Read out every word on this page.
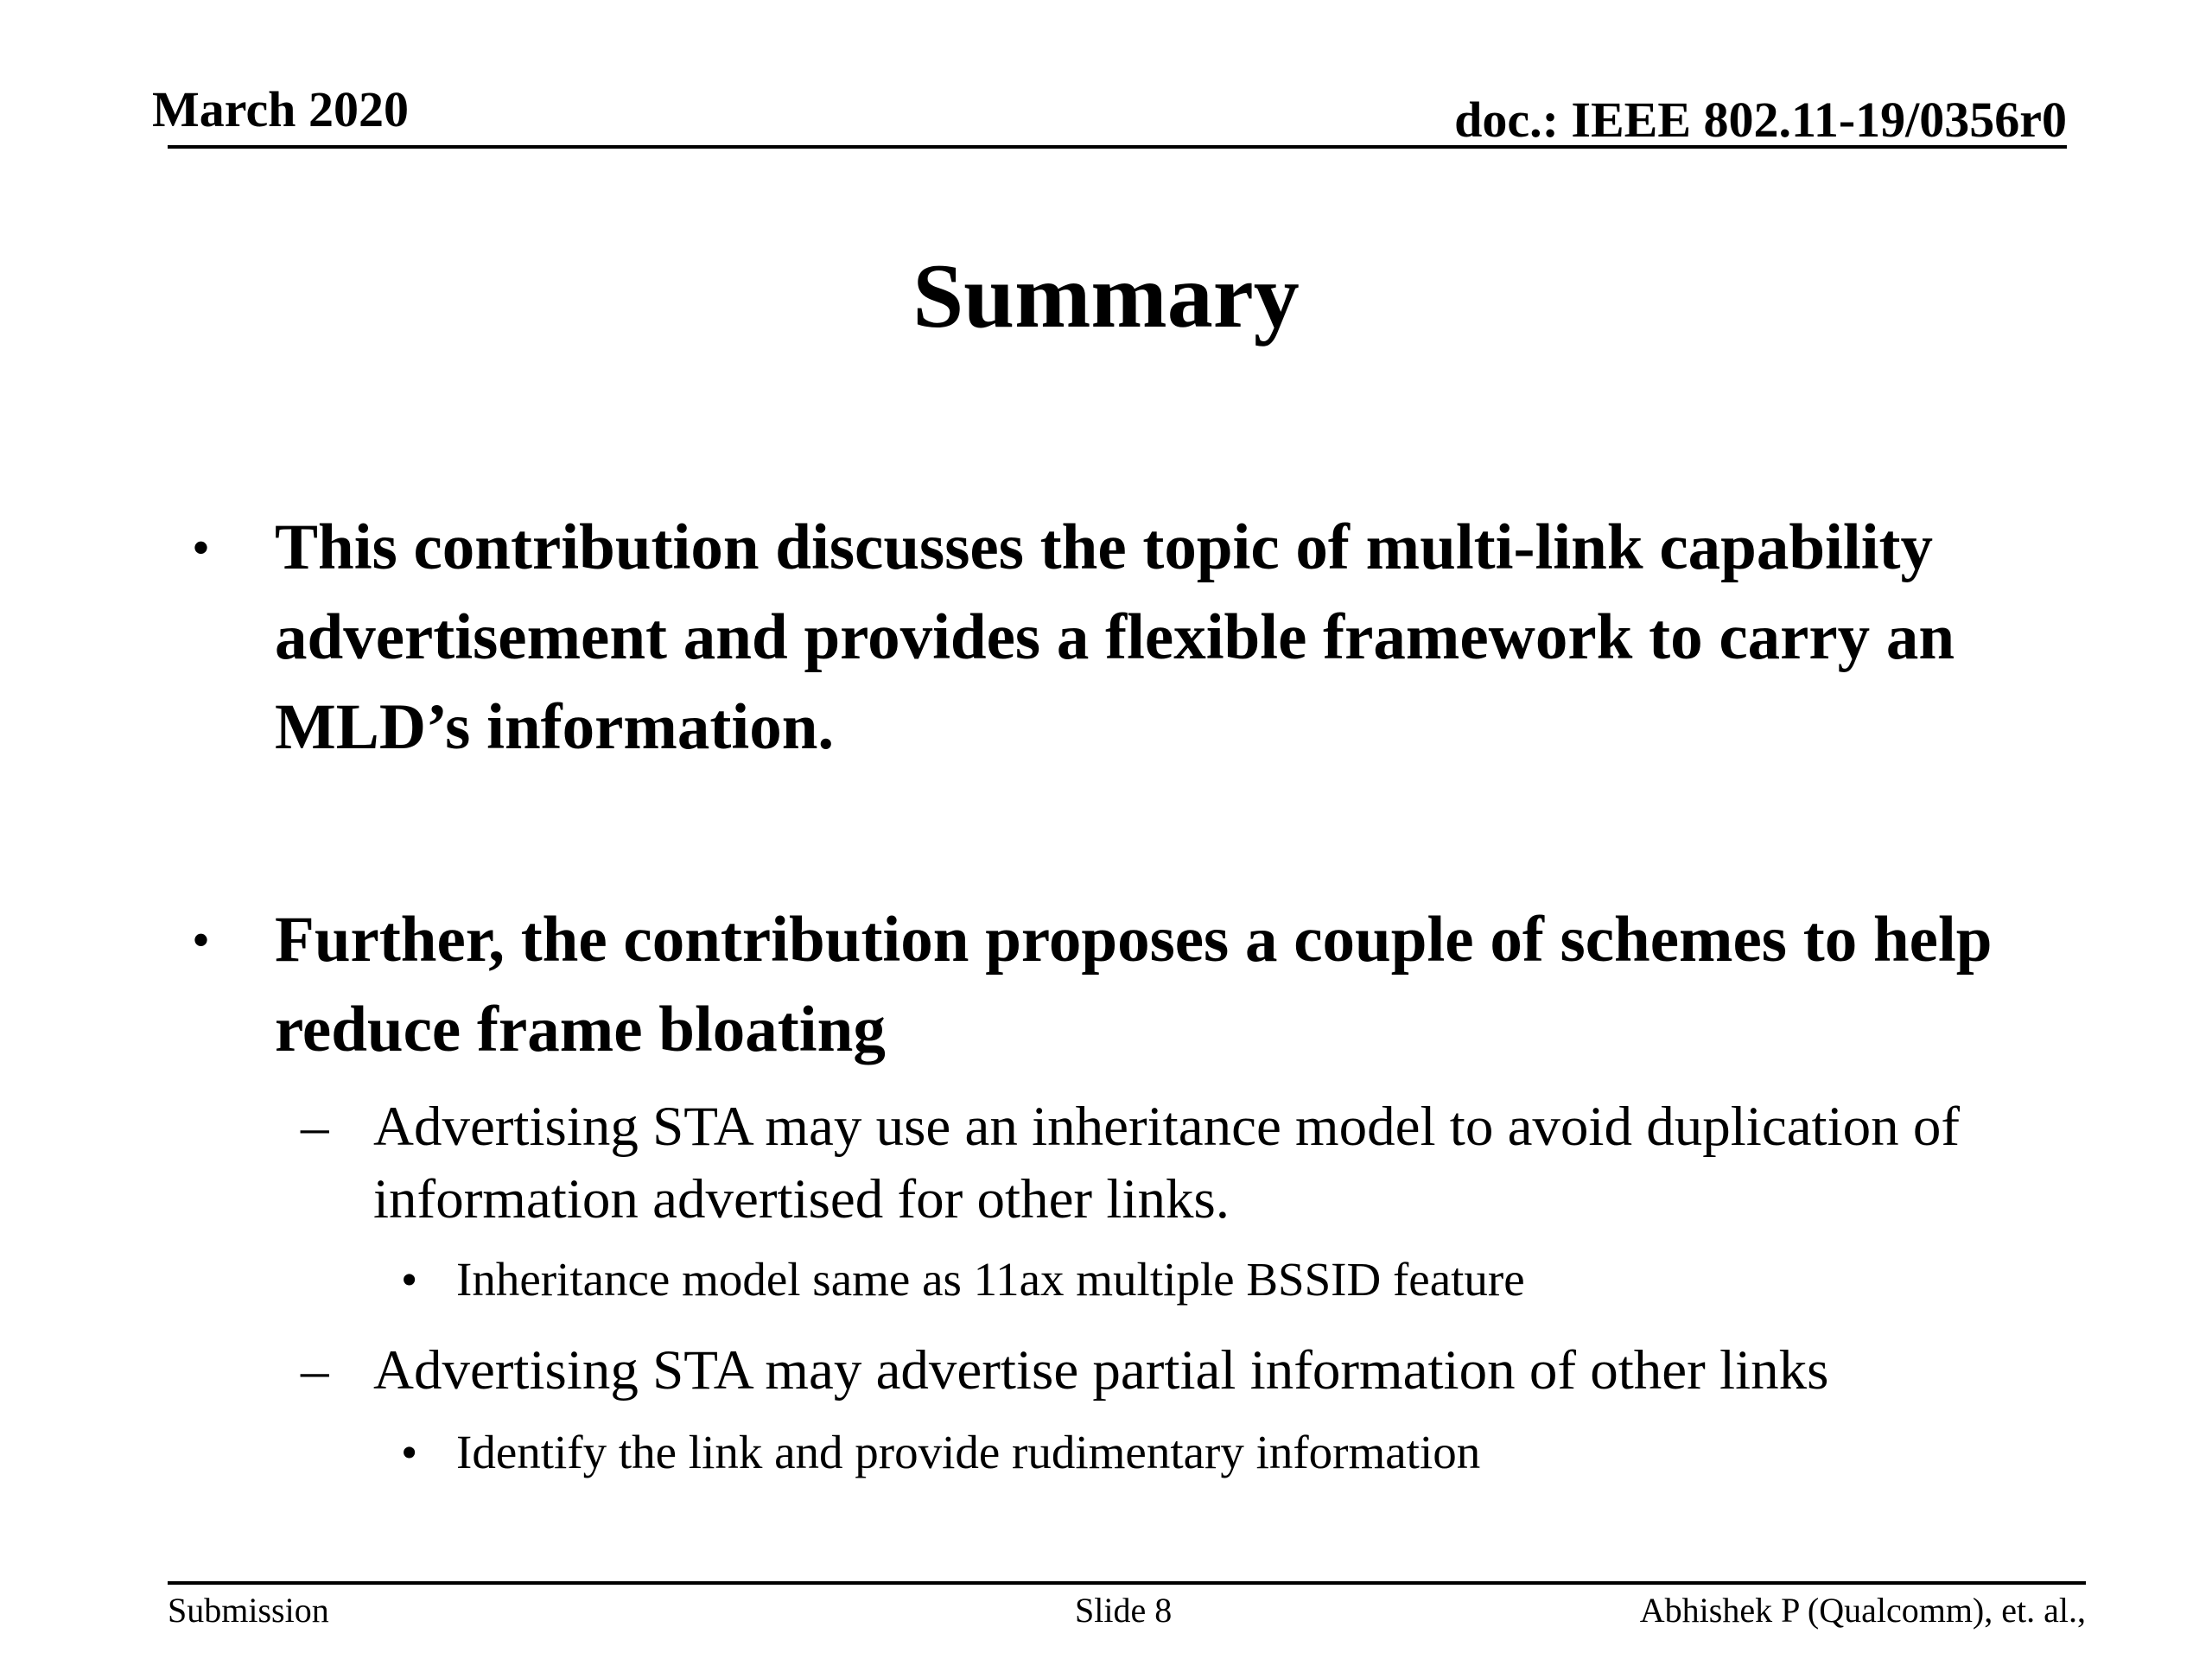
March 2020	doc.: IEEE 802.11-19/0356r0
Summary
• This contribution discusses the topic of multi-link capability advertisement and provides a flexible framework to carry an MLD’s information.
• Further, the contribution proposes a couple of schemes to help reduce frame bloating
– Advertising STA may use an inheritance model to avoid duplication of information advertised for other links.
• Inheritance model same as 11ax multiple BSSID feature
– Advertising STA may advertise partial information of other links
• Identify the link and provide rudimentary information
Submission	Slide 8	Abhishek P (Qualcomm), et. al.,
